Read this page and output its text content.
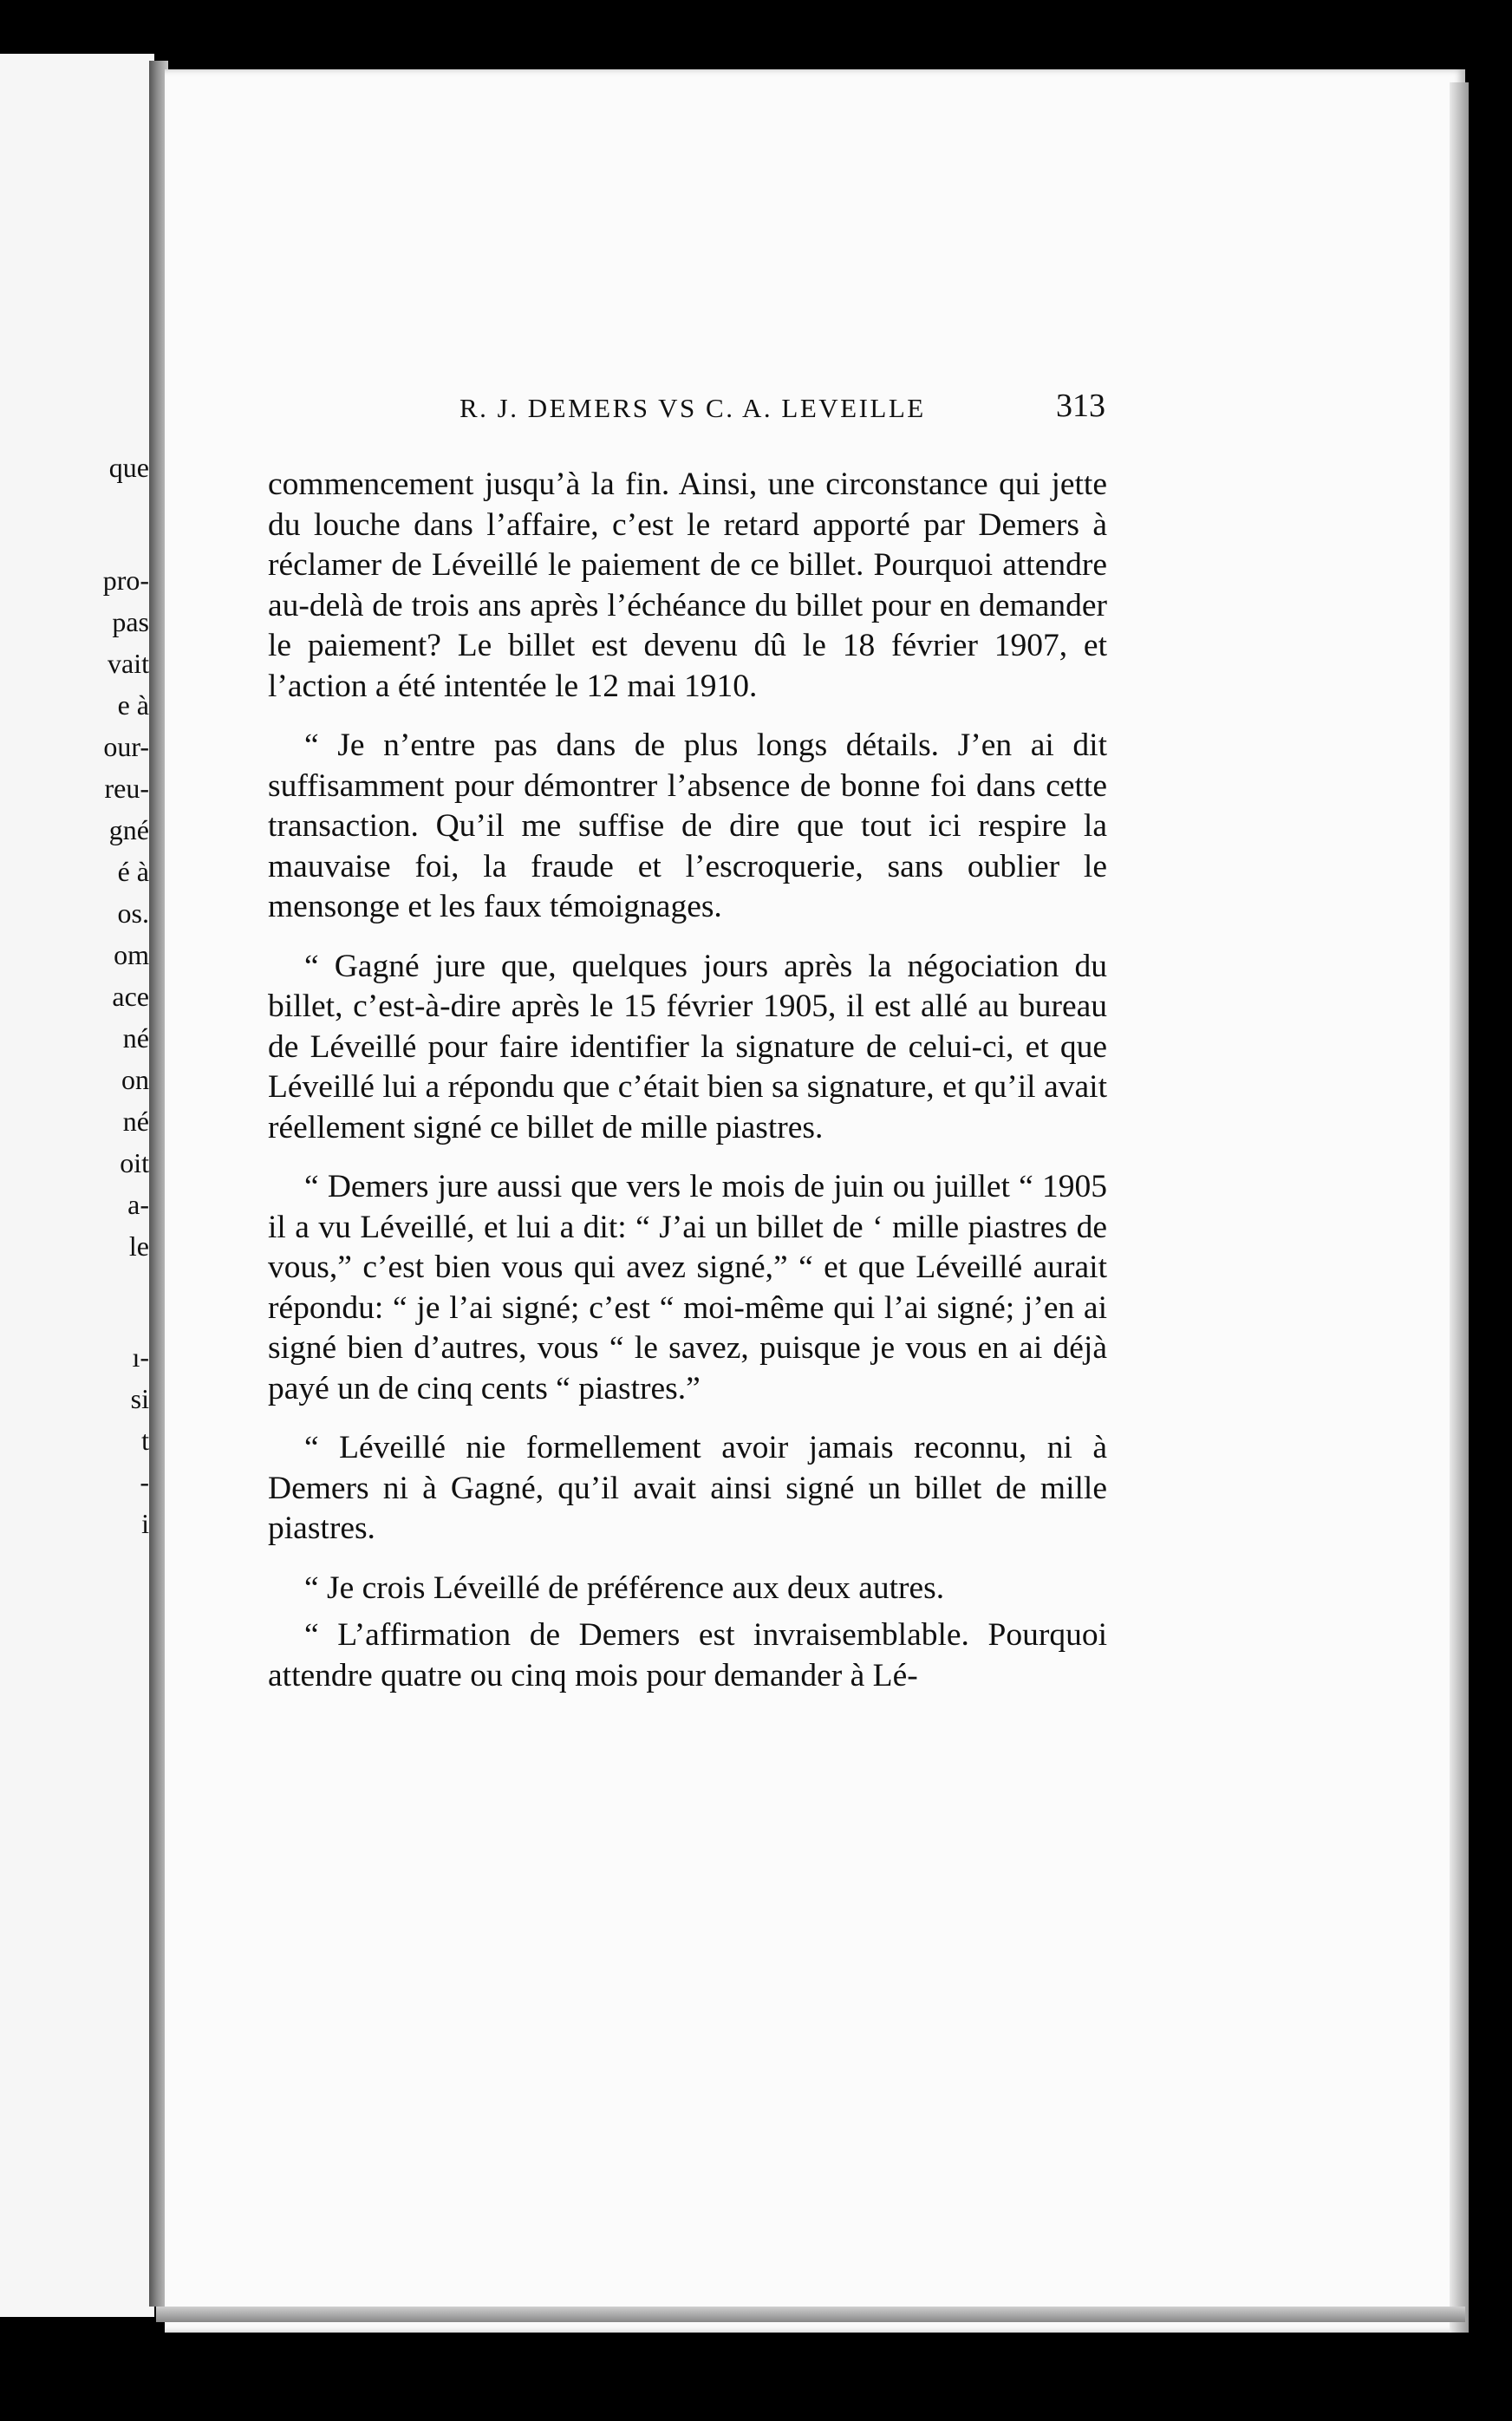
que
pro-
pas
vait
e à
our-
reu-
gné
é à
os.
om
ace
né
on
né
oit
a-
le
ı-
si
t
-
i
R. J. DEMERS VS C. A. LEVEILLE	313

commencement jusqu’à la fin. Ainsi, une circonstance qui jette du louche dans l’affaire, c’est le retard apporté par Demers à réclamer de Léveillé le paiement de ce billet. Pourquoi attendre au-delà de trois ans après l’échéance du billet pour en demander le paiement? Le billet est devenu dû le 18 février 1907, et l’action a été intentée le 12 mai 1910.

“ Je n’entre pas dans de plus longs détails. J’en ai dit suffisamment pour démontrer l’absence de bonne foi dans cette transaction. Qu’il me suffise de dire que tout ici respire la mauvaise foi, la fraude et l’escroquerie, sans oublier le mensonge et les faux témoignages.

“ Gagné jure que, quelques jours après la négociation du billet, c’est-à-dire après le 15 février 1905, il est allé au bureau de Léveillé pour faire identifier la signature de celui-ci, et que Léveillé lui a répondu que c’était bien sa signature, et qu’il avait réellement signé ce billet de mille piastres.

“ Demers jure aussi que vers le mois de juin ou juillet “ 1905 il a vu Léveillé, et lui a dit: “ J’ai un billet de ‘ mille piastres de vous,” c’est bien vous qui avez signé,” “ et que Léveillé aurait répondu: “ je l’ai signé; c’est “ moi-même qui l’ai signé; j’en ai signé bien d’autres, vous “ le savez, puisque je vous en ai déjà payé un de cinq cents “ piastres.”

“ Léveillé nie formellement avoir jamais reconnu, ni à Demers ni à Gagné, qu’il avait ainsi signé un billet de mille piastres.

“ Je crois Léveillé de préférence aux deux autres.

“ L’affirmation de Demers est invraisemblable. Pourquoi attendre quatre ou cinq mois pour demander à Lé-
